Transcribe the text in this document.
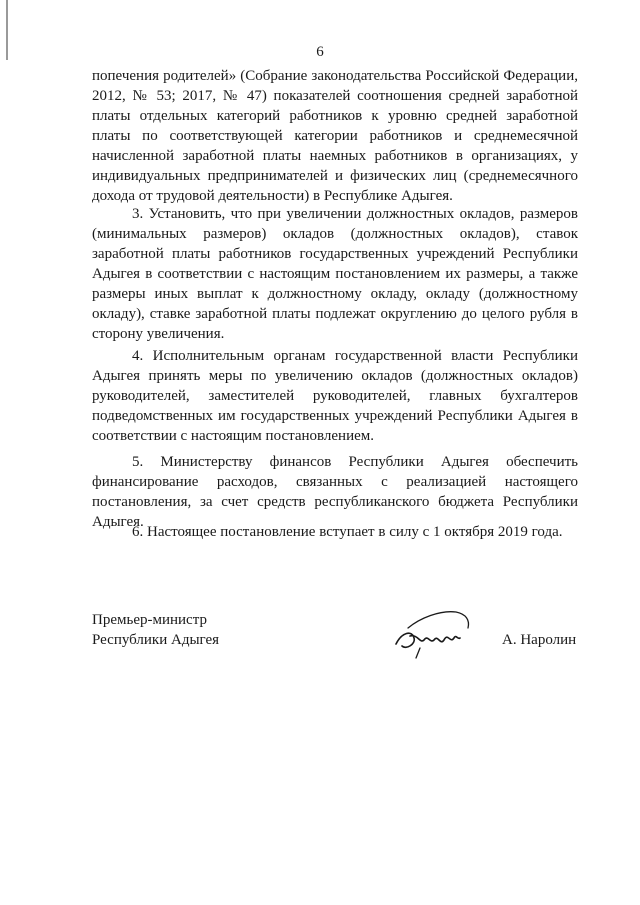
6

попечения родителей» (Собрание законодательства Российской Федерации, 2012, № 53; 2017, № 47) показателей соотношения средней заработной платы отдельных категорий работников к уровню средней заработной платы по соответствующей категории работников и среднемесячной начисленной заработной платы наемных работников в организациях, у индивидуальных предпринимателей и физических лиц (среднемесячного дохода от трудовой деятельности) в Республике Адыгея.

3. Установить, что при увеличении должностных окладов, размеров (минимальных размеров) окладов (должностных окладов), ставок заработной платы работников государственных учреждений Республики Адыгея в соответствии с настоящим постановлением их размеры, а также размеры иных выплат к должностному окладу, окладу (должностному окладу), ставке заработной платы подлежат округлению до целого рубля в сторону увеличения.

4. Исполнительным органам государственной власти Республики Адыгея принять меры по увеличению окладов (должностных окладов) руководителей, заместителей руководителей, главных бухгалтеров подведомственных им государственных учреждений Республики Адыгея в соответствии с настоящим постановлением.

5. Министерству финансов Республики Адыгея обеспечить финансирование расходов, связанных с реализацией настоящего постановления, за счет средств республиканского бюджета Республики Адыгея.

6. Настоящее постановление вступает в силу с 1 октября 2019 года.

Премьер-министр
Республики Адыгея	А. Наролин
